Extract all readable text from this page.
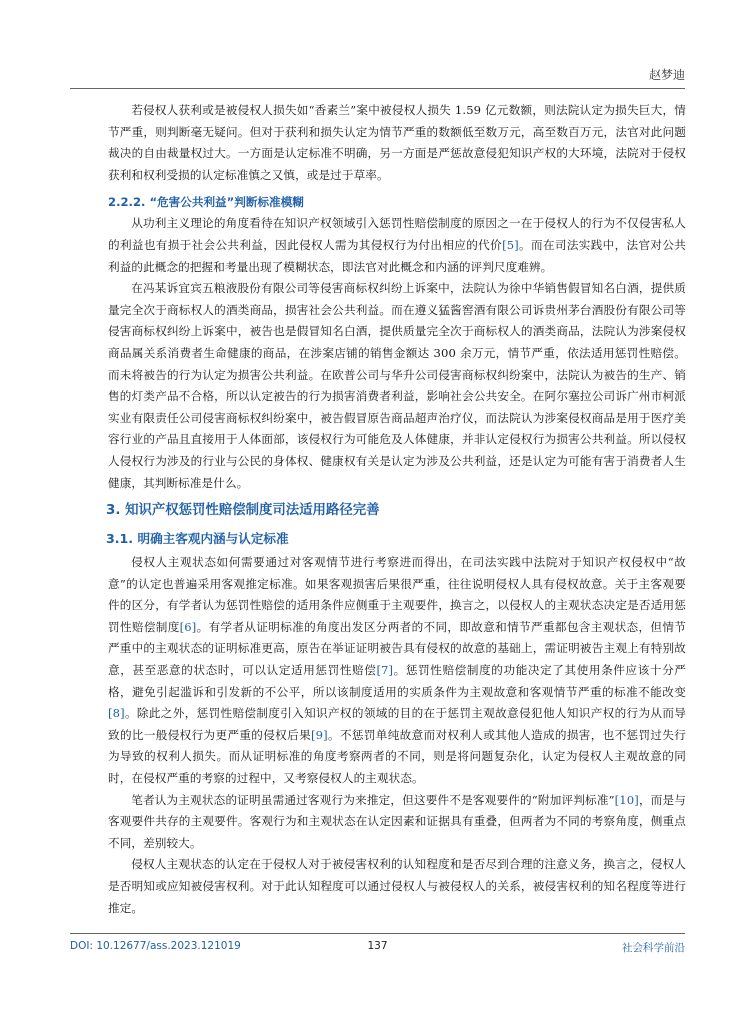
赵梦迪

若侵权人获利或是被侵权人损失如“香素兰”案中被侵权人损失 1.59 亿元数额，则法院认定为损失巨大，情节严重，则判断毫无疑问。但对于获利和损失认定为情节严重的数额低至数万元，高至数百万元，法官对此问题裁决的自由裁量权过大。一方面是认定标准不明确，另一方面是严惩故意侵犯知识产权的大环境，法院对于侵权获利和权利受损的认定标准慎之又慎，或是过于草率。

2.2.2. “危害公共利益”判断标准模糊

从功利主义理论的角度看待在知识产权领域引入惩罚性赔偿制度的原因之一在于侵权人的行为不仅侵害私人的利益也有损于社会公共利益，因此侵权人需为其侵权行为付出相应的代价[5]。而在司法实践中，法官对公共利益的此概念的把握和考量出现了模糊状态，即法官对此概念和内涵的评判尺度难辨。

在冯某诉宜宾五粮液股份有限公司等侵害商标权纠纷上诉案中，法院认为徐中华销售假冒知名白酒，提供质量完全次于商标权人的酒类商品，损害社会公共利益。而在遵义猛酱窖酒有限公司诉贵州茅台酒股份有限公司等侵害商标权纠纷上诉案中，被告也是假冒知名白酒，提供质量完全次于商标权人的酒类商品，法院认为涉案侵权商品属关系消费者生命健康的商品，在涉案店铺的销售金额达 300 余万元，情节严重，依法适用惩罚性赔偿。而未将被告的行为认定为损害公共利益。在欧普公司与华升公司侵害商标权纠纷案中，法院认为被告的生产、销售的灯类产品不合格，所以认定被告的行为损害消费者利益，影响社会公共安全。在阿尔塞拉公司诉广州市柯派实业有限责任公司侵害商标权纠纷案中，被告假冒原告商品超声治疗仪，而法院认为涉案侵权商品是用于医疗美容行业的产品且直接用于人体面部，该侵权行为可能危及人体健康，并非认定侵权行为损害公共利益。所以侵权人侵权行为涉及的行业与公民的身体权、健康权有关是认定为涉及公共利益，还是认定为可能有害于消费者人生健康，其判断标准是什么。

3. 知识产权惩罚性赔偿制度司法适用路径完善
3.1. 明确主客观内涵与认定标准

侵权人主观状态如何需要通过对客观情节进行考察进而得出，在司法实践中法院对于知识产权侵权中“故意”的认定也普遍采用客观推定标准。如果客观损害后果很严重，往往说明侵权人具有侵权故意。关于主客观要件的区分，有学者认为惩罚性赔偿的适用条件应侧重于主观要件，换言之，以侵权人的主观状态决定是否适用惩罚性赔偿制度[6]。有学者从证明标准的角度出发区分两者的不同，即故意和情节严重都包含主观状态，但情节严重中的主观状态的证明标准更高，原告在举证证明被告具有侵权的故意的基础上，需证明被告主观上有特别故意，甚至恶意的状态时，可以认定适用惩罚性赔偿[7]。惩罚性赔偿制度的功能决定了其使用条件应该十分严格，避免引起滥诉和引发新的不公平，所以该制度适用的实质条件为主观故意和客观情节严重的标准不能改变[8]。除此之外，惩罚性赔偿制度引入知识产权的领域的目的在于惩罚主观故意侵犯他人知识产权的行为从而导致的比一般侵权行为更严重的侵权后果[9]。不惩罚单纯故意而对权利人或其他人造成的损害，也不惩罚过失行为导致的权利人损失。而从证明标准的角度考察两者的不同，则是将问题复杂化，认定为侵权人主观故意的同时，在侵权严重的考察的过程中，又考察侵权人的主观状态。

笔者认为主观状态的证明虽需通过客观行为来推定，但这要件不是客观要件的“附加评判标准”[10]，而是与客观要件共存的主观要件。客观行为和主观状态在认定因素和证据具有重叠，但两者为不同的考察角度，侧重点不同，差别较大。

侵权人主观状态的认定在于侵权人对于被侵害权利的认知程度和是否尽到合理的注意义务，换言之，侵权人是否明知或应知被侵害权利。对于此认知程度可以通过侵权人与被侵权人的关系，被侵害权利的知名程度等进行推定。

DOI: 10.12677/ass.2023.121019	137	社会科学前沿
